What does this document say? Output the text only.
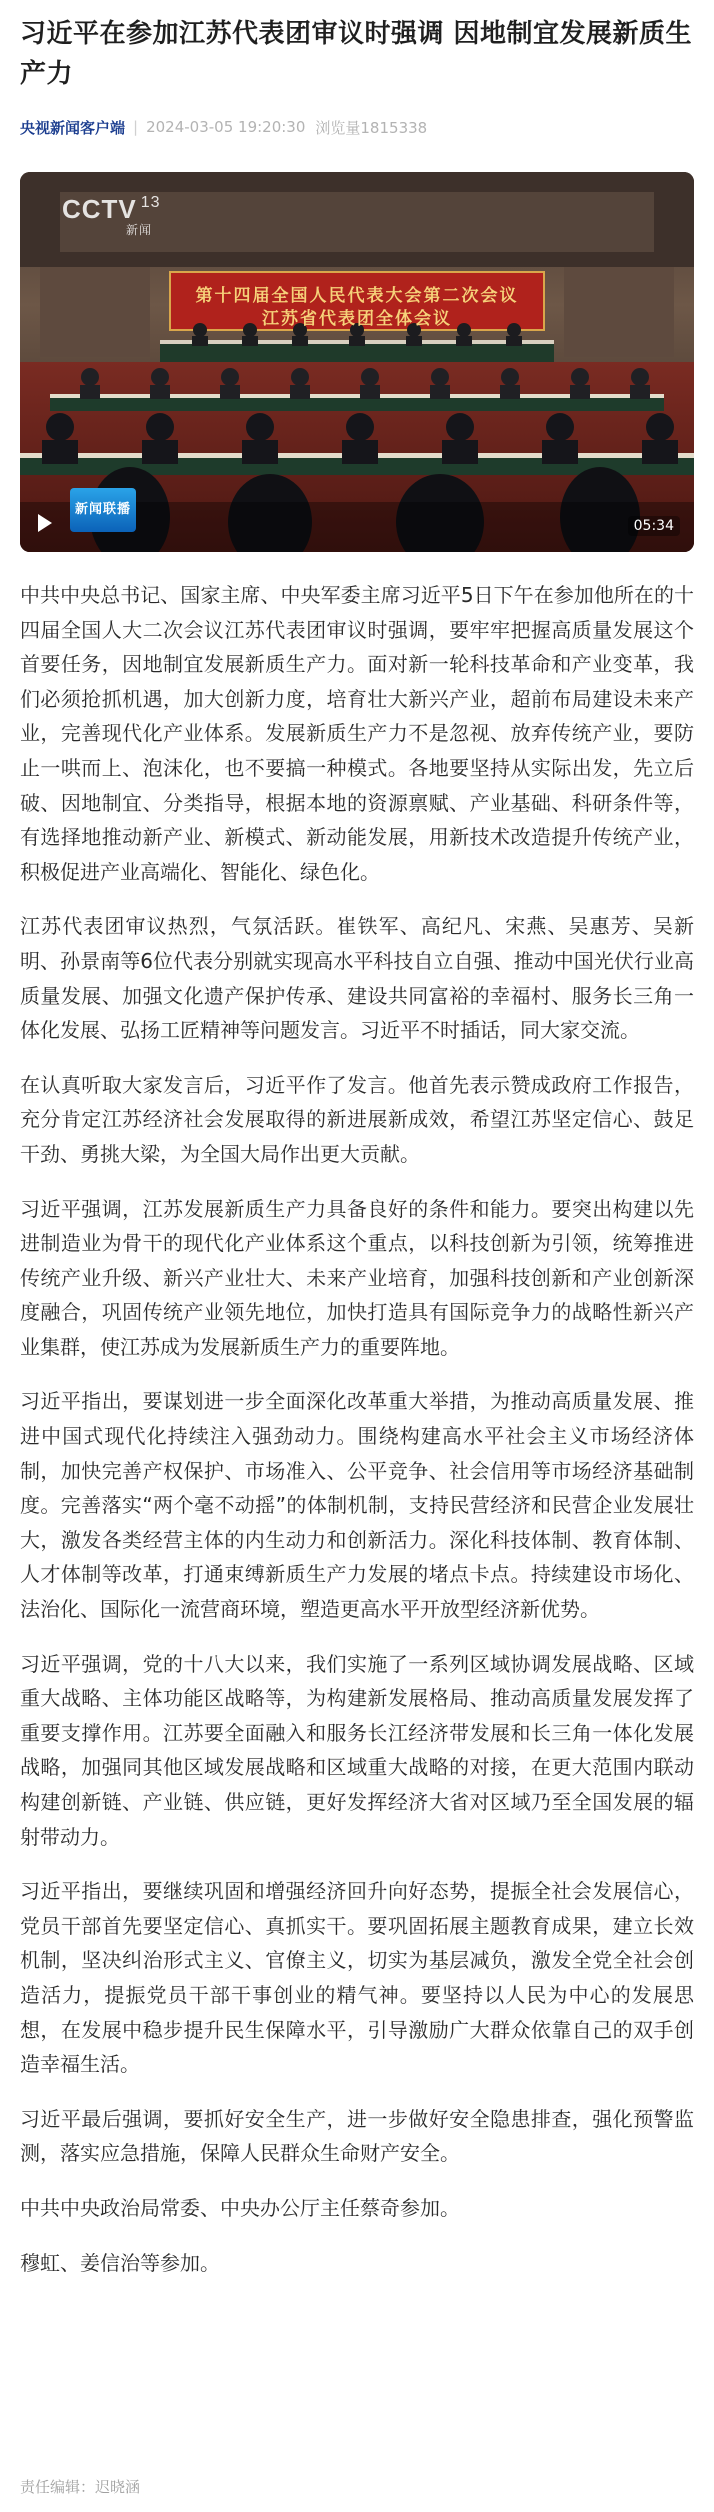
习近平在参加江苏代表团审议时强调 因地制宜发展新质生产力
央视新闻客户端 | 2024-03-05 19:20:30 浏览量1815338
CCTV $^{13}$
新闻
第十四届全国人民代表大会第二次会议
江苏省代表团全体会议
新闻联播
05:34

中共中央总书记、国家主席、中央军委主席习近平5日下午在参加他所在的十四届全国人大二次会议江苏代表团审议时强调，要牢牢把握高质量发展这个首要任务，因地制宜发展新质生产力。面对新一轮科技革命和产业变革，我们必须抢抓机遇，加大创新力度，培育壮大新兴产业，超前布局建设未来产业，完善现代化产业体系。发展新质生产力不是忽视、放弃传统产业，要防止一哄而上、泡沫化，也不要搞一种模式。各地要坚持从实际出发，先立后破、因地制宜、分类指导，根据本地的资源禀赋、产业基础、科研条件等，有选择地推动新产业、新模式、新动能发展，用新技术改造提升传统产业，积极促进产业高端化、智能化、绿色化。

江苏代表团审议热烈，气氛活跃。崔铁军、高纪凡、宋燕、吴惠芳、吴新明、孙景南等6位代表分别就实现高水平科技自立自强、推动中国光伏行业高质量发展、加强文化遗产保护传承、建设共同富裕的幸福村、服务长三角一体化发展、弘扬工匠精神等问题发言。习近平不时插话，同大家交流。

在认真听取大家发言后，习近平作了发言。他首先表示赞成政府工作报告，充分肯定江苏经济社会发展取得的新进展新成效，希望江苏坚定信心、鼓足干劲、勇挑大梁，为全国大局作出更大贡献。

习近平强调，江苏发展新质生产力具备良好的条件和能力。要突出构建以先进制造业为骨干的现代化产业体系这个重点，以科技创新为引领，统筹推进传统产业升级、新兴产业壮大、未来产业培育，加强科技创新和产业创新深度融合，巩固传统产业领先地位，加快打造具有国际竞争力的战略性新兴产业集群，使江苏成为发展新质生产力的重要阵地。

习近平指出，要谋划进一步全面深化改革重大举措，为推动高质量发展、推进中国式现代化持续注入强劲动力。围绕构建高水平社会主义市场经济体制，加快完善产权保护、市场准入、公平竞争、社会信用等市场经济基础制度。完善落实“两个毫不动摇”的体制机制，支持民营经济和民营企业发展壮大，激发各类经营主体的内生动力和创新活力。深化科技体制、教育体制、人才体制等改革，打通束缚新质生产力发展的堵点卡点。持续建设市场化、法治化、国际化一流营商环境，塑造更高水平开放型经济新优势。

习近平强调，党的十八大以来，我们实施了一系列区域协调发展战略、区域重大战略、主体功能区战略等，为构建新发展格局、推动高质量发展发挥了重要支撑作用。江苏要全面融入和服务长江经济带发展和长三角一体化发展战略，加强同其他区域发展战略和区域重大战略的对接，在更大范围内联动构建创新链、产业链、供应链，更好发挥经济大省对区域乃至全国发展的辐射带动力。

习近平指出，要继续巩固和增强经济回升向好态势，提振全社会发展信心，党员干部首先要坚定信心、真抓实干。要巩固拓展主题教育成果，建立长效机制，坚决纠治形式主义、官僚主义，切实为基层减负，激发全党全社会创造活力，提振党员干部干事创业的精气神。要坚持以人民为中心的发展思想，在发展中稳步提升民生保障水平，引导激励广大群众依靠自己的双手创造幸福生活。

习近平最后强调，要抓好安全生产，进一步做好安全隐患排查，强化预警监测，落实应急措施，保障人民群众生命财产安全。

中共中央政治局常委、中央办公厅主任蔡奇参加。

穆虹、姜信治等参加。

责任编辑：迟晓涵
